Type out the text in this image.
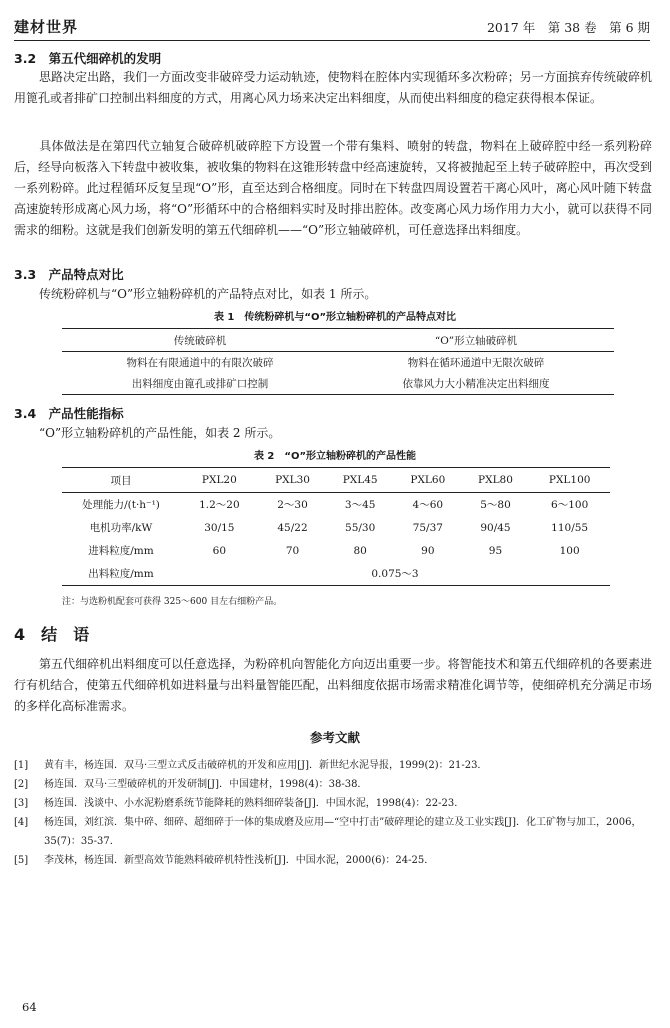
建材世界	2017 年　第 38 卷　第 6 期
3.2　第五代细碎机的发明
思路决定出路，我们一方面改变非破碎受力运动轨迹，使物料在腔体内实现循环多次粉碎；另一方面摈弃传统破碎机用篦孔或者排矿口控制出料细度的方式，用离心风力场来决定出料细度，从而使出料细度的稳定获得根本保证。
具体做法是在第四代立轴复合破碎机破碎腔下方设置一个带有集料、喷射的转盘，物料在上破碎腔中经一系列粉碎后，经导向板落入下转盘中被收集，被收集的物料在这锥形转盘中经高速旋转，又将被抛起至上转子破碎腔中，再次受到一系列粉碎。此过程循环反复呈现“O”形，直至达到合格细度。同时在下转盘四周设置若干离心风叶，离心风叶随下转盘高速旋转形成离心风力场，将“O”形循环中的合格细料实时及时排出腔体。改变离心风力场作用力大小，就可以获得不同需求的细粉。这就是我们创新发明的第五代细碎机——“O”形立轴破碎机，可任意选择出料细度。
3.3　产品特点对比
传统粉碎机与“O”形立轴粉碎机的产品特点对比，如表 1 所示。
表 1　传统粉碎机与“O”形立轴粉碎机的产品特点对比
传统破碎机	“O”形立轴破碎机
物料在有限通道中的有限次破碎	物料在循环通道中无限次破碎
出料细度由篦孔或排矿口控制	依靠风力大小精准决定出料细度
3.4　产品性能指标
“O”形立轴粉碎机的产品性能，如表 2 所示。
表 2　“O”形立轴粉碎机的产品性能
项目	PXL20	PXL30	PXL45	PXL60	PXL80	PXL100
处理能力/(t·h⁻¹)	1.2～20	2～30	3～45	4～60	5～80	6～100
电机功率/kW	30/15	45/22	55/30	75/37	90/45	110/55
进料粒度/mm	60	70	80	90	95	100
出料粒度/mm	0.075～3					
注：与选粉机配套可获得 325～600 目左右细粉产品。
4　结　语
第五代细碎机出料细度可以任意选择，为粉碎机向智能化方向迈出重要一步。将智能技术和第五代细碎机的各要素进行有机结合，使第五代细碎机如进料量与出料量智能匹配，出料细度依据市场需求精准化调节等，使细碎机充分满足市场的多样化高标准需求。
参考文献
[1]	黄有丰，杨连国．双马·三型立式反击破碎机的开发和应用[J]．新世纪水泥导报，1999(2)：21-23．
[2]	杨连国．双马·三型破碎机的开发研制[J]．中国建材，1998(4)：38-38．
[3]	杨连国．浅谈中、小水泥粉磨系统节能降耗的熟料细碎装备[J]．中国水泥，1998(4)：22-23．
[4]	杨连国，刘红滨．集中碎、细碎、超细碎于一体的集成磨及应用—“空中打击”破碎理论的建立及工业实践[J]．化工矿物与加工，2006，35(7)：35-37．
[5]	李茂林，杨连国．新型高效节能熟料破碎机特性浅析[J]．中国水泥，2000(6)：24-25．
64
